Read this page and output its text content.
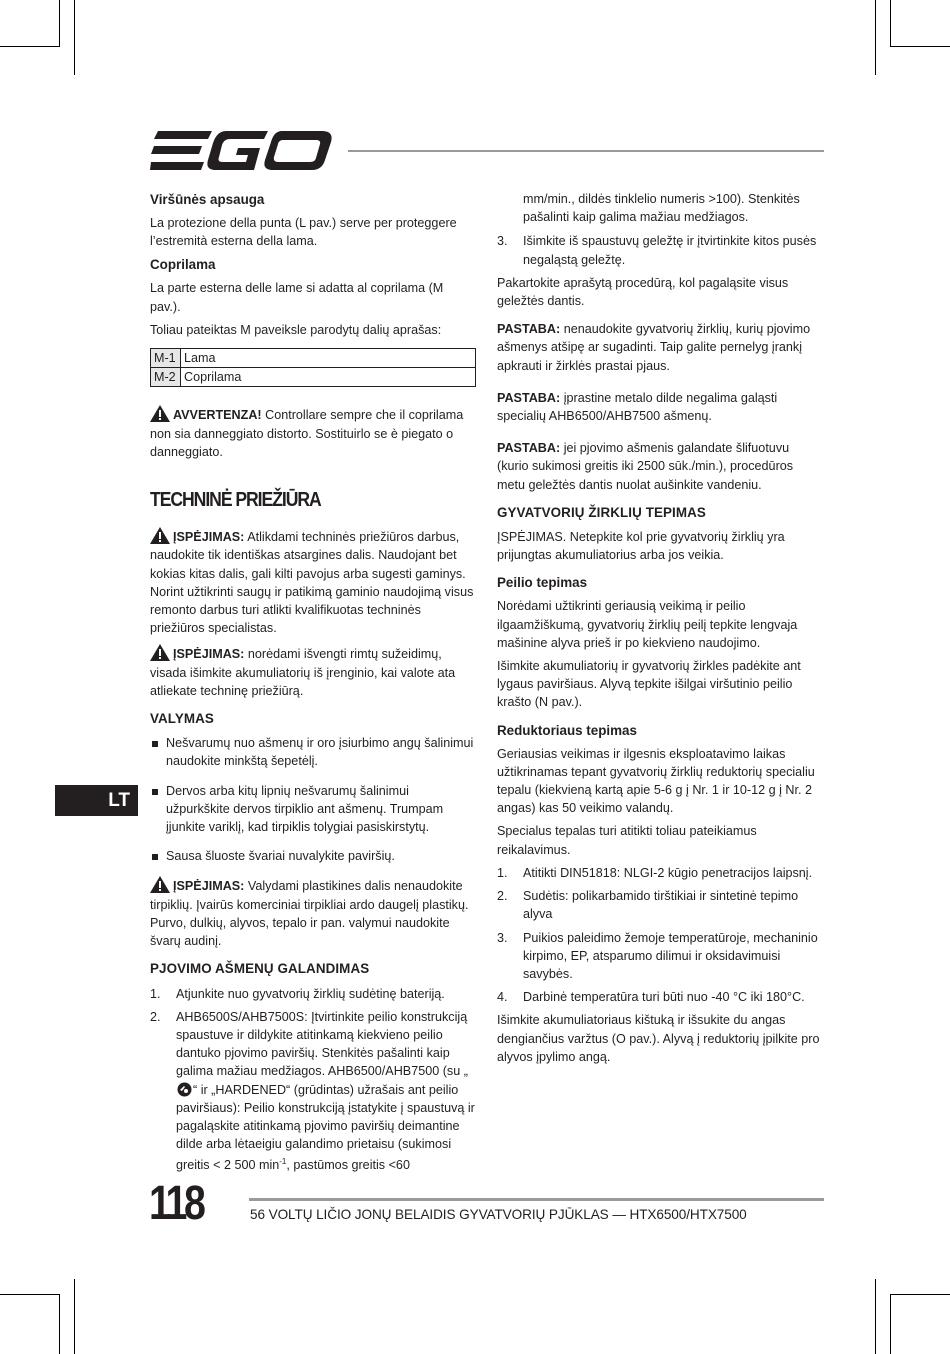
Viršūnės apsauga

La protezione della punta (L pav.) serve per proteggere l’estremità esterna della lama.

Coprilama

La parte esterna delle lame si adatta al coprilama (M pav.).

Toliau pateiktas M paveiksle parodytų dalių aprašas:

M-1	Lama
M-2	Coprilama

AVVERTENZA! Controllare sempre che il coprilama non sia danneggiato distorto. Sostituirlo se è piegato o danneggiato.

TECHNINĖ PRIEŽIŪRA

ĮSPĖJIMAS: Atlikdami techninės priežiūros darbus, naudokite tik identiškas atsargines dalis. Naudojant bet kokias kitas dalis, gali kilti pavojus arba sugesti gaminys. Norint užtikrinti saugų ir patikimą gaminio naudojimą visus remonto darbus turi atlikti kvalifikuotas techninės priežiūros specialistas.

ĮSPĖJIMAS: norėdami išvengti rimtų sužeidimų, visada išimkite akumuliatorių iš įrenginio, kai valote ata atliekate techninę priežiūrą.

VALYMAS
Nešvarumų nuo ašmenų ir oro įsiurbimo angų šalinimui naudokite minkštą šepetėlį.
Dervos arba kitų lipnių nešvarumų šalinimui užpurkškite dervos tirpiklio ant ašmenų. Trumpam įjunkite variklį, kad tirpiklis tolygiai pasiskirstytų.
Sausa šluoste švariai nuvalykite paviršių.

ĮSPĖJIMAS: Valydami plastikines dalis nenaudokite tirpiklių. Įvairūs komerciniai tirpikliai ardo daugelį plastikų. Purvo, dulkių, alyvos, tepalo ir pan. valymui naudokite švarų audinį.

PJOVIMO AŠMENŲ GALANDIMAS
1. Atjunkite nuo gyvatvorių žirklių sudėtinę bateriją.
2. AHB6500S/AHB7500S: Įtvirtinkite peilio konstrukciją spaustuve ir dildykite atitinkamą kiekvieno peilio dantuko pjovimo paviršių. Stenkitės pašalinti kaip galima mažiau medžiagos. AHB6500/AHB7500 (su „“ ir „HARDENED“ (grūdintas) užrašais ant peilio paviršiaus): Peilio konstrukciją įstatykite į spaustuvą ir pagaląskite atitinkamą pjovimo paviršių deimantine dilde arba lėtaeigiu galandimo prietaisu (sukimosi greitis < 2 500 $\min^{-1}$, pastūmos greitis <60

mm/min., dildės tinklelio numeris >100). Stenkitės pašalinti kaip galima mažiau medžiagos.

3. Išimkite iš spaustuvų geležtę ir įtvirtinkite kitos pusės negaląstą geležtę.

Pakartokite aprašytą procedūrą, kol pagaląsite visus geležtės dantis.

PASTABA: nenaudokite gyvatvorių žirklių, kurių pjovimo ašmenys atšipę ar sugadinti. Taip galite pernelyg įrankį apkrauti ir žirklės prastai pjaus.

PASTABA: įprastine metalo dilde negalima galąsti specialių AHB6500/AHB7500 ašmenų.

PASTABA: jei pjovimo ašmenis galandate šlifuotuvu (kurio sukimosi greitis iki 2500 sūk./min.), procedūros metu geležtės dantis nuolat aušinkite vandeniu.

GYVATVORIŲ ŽIRKLIŲ TEPIMAS

ĮSPĖJIMAS. Netepkite kol prie gyvatvorių žirklių yra prijungtas akumuliatorius arba jos veikia.

Peilio tepimas

Norėdami užtikrinti geriausią veikimą ir peilio ilgaamžiškumą, gyvatvorių žirklių peilį tepkite lengvaja mašinine alyva prieš ir po kiekvieno naudojimo.

Išimkite akumuliatorių ir gyvatvorių žirkles padėkite ant lygaus paviršiaus. Alyvą tepkite išilgai viršutinio peilio krašto (N pav.).

Reduktoriaus tepimas

Geriausias veikimas ir ilgesnis eksploatavimo laikas užtikrinamas tepant gyvatvorių žirklių reduktorių specialiu tepalu (kiekvieną kartą apie 5-6 g į Nr. 1 ir 10-12 g į Nr. 2 angas) kas 50 veikimo valandų.

Specialus tepalas turi atitikti toliau pateikiamus reikalavimus.

1. Atitikti DIN51818: NLGI-2 kūgio penetracijos laipsnį.
2. Sudėtis: polikarbamido tirštikiai ir sintetinė tepimo alyva
3. Puikios paleidimo žemoje temperatūroje, mechaninio kirpimo, EP, atsparumo dilimui ir oksidavimuisi savybės.
4. Darbinė temperatūra turi būti nuo -40 °C iki 180°C.

Išimkite akumuliatoriaus kištuką ir išsukite du angas dengiančius varžtus (O pav.). Alyvą į reduktorių įpilkite pro alyvos įpylimo angą.

LT
118	56 VOLTŲ LIČIO JONŲ BELAIDIS GYVATVORIŲ PJŪKLAS — HTX6500/HTX7500
